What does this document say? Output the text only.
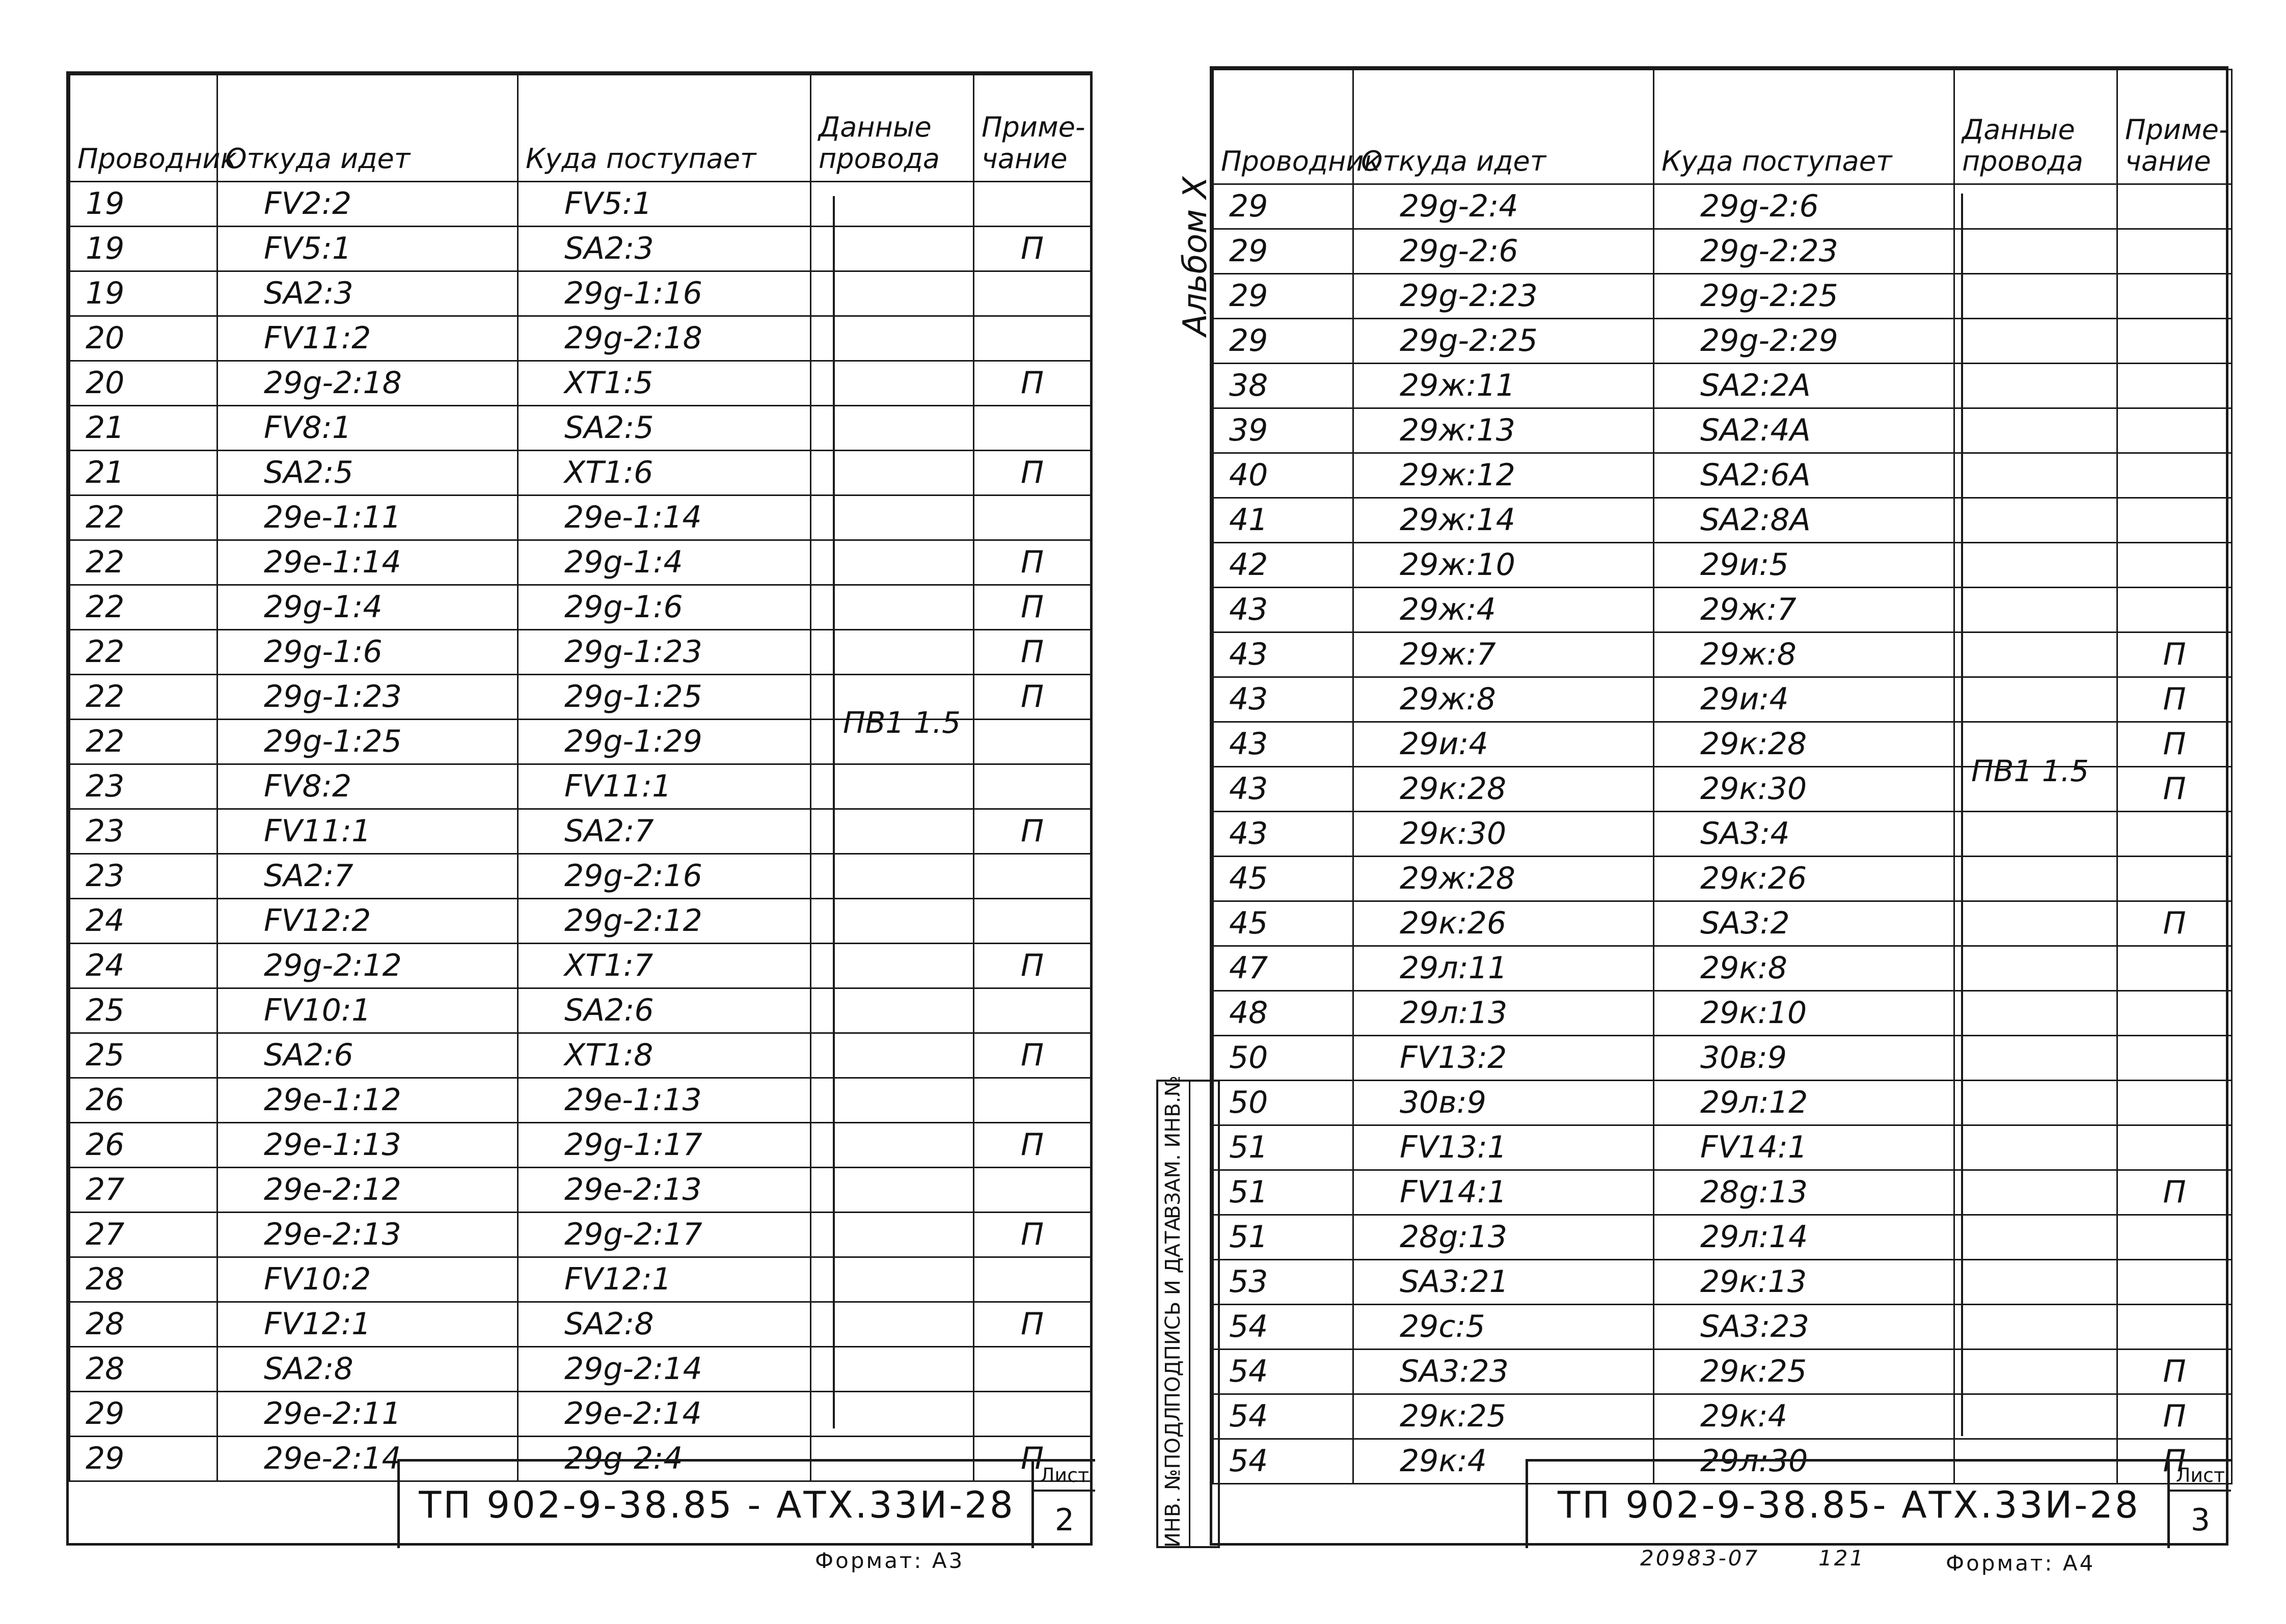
Проводник	Откуда идет	Куда поступает	Данные провода	Приме- чание
19	FV2:2	FV5:1		
19	FV5:1	SA2:3		П
19	SA2:3	29g-1:16		
20	FV11:2	29g-2:18		
20	29g-2:18	XT1:5		П
21	FV8:1	SA2:5		
21	SA2:5	XT1:6		П
22	29e-1:11	29e-1:14		
22	29e-1:14	29g-1:4		П
22	29g-1:4	29g-1:6		П
22	29g-1:6	29g-1:23		П
22	29g-1:23	29g-1:25		П
22	29g-1:25	29g-1:29		
23	FV8:2	FV11:1		
23	FV11:1	SA2:7		П
23	SA2:7	29g-2:16		
24	FV12:2	29g-2:12		
24	29g-2:12	XT1:7		П
25	FV10:1	SA2:6		
25	SA2:6	XT1:8		П
26	29e-1:12	29e-1:13		
26	29e-1:13	29g-1:17		П
27	29e-2:12	29e-2:13		
27	29e-2:13	29g-2:17		П
28	FV10:2	FV12:1		
28	FV12:1	SA2:8		П
28	SA2:8	29g-2:14		
29	29e-2:11	29e-2:14		
29	29e-2:14	29g-2:4		П
ПВ1 1.5
ТП 902-9-38.85 - АТХ.33И-28
Лист
2
Альбом X
ИНВ. №ПОДЛ
ПОДПИСЬ И ДАТА
ВЗАМ. ИНВ.№
Проводник	Откуда идет	Куда поступает	Данные провода	Приме- чание
29	29g-2:4	29g-2:6		
29	29g-2:6	29g-2:23		
29	29g-2:23	29g-2:25		
29	29g-2:25	29g-2:29		
38	29ж:11	SA2:2A		
39	29ж:13	SA2:4A		
40	29ж:12	SA2:6A		
41	29ж:14	SA2:8A		
42	29ж:10	29и:5		
43	29ж:4	29ж:7		
43	29ж:7	29ж:8		П
43	29ж:8	29и:4		П
43	29и:4	29к:28		П
43	29к:28	29к:30		П
43	29к:30	SA3:4		
45	29ж:28	29к:26		
45	29к:26	SA3:2		П
47	29л:11	29к:8		
48	29л:13	29к:10		
50	FV13:2	30в:9		
50	30в:9	29л:12		
51	FV13:1	FV14:1		
51	FV14:1	28g:13		П
51	28g:13	29л:14		
53	SA3:21	29к:13		
54	29с:5	SA3:23		
54	SA3:23	29к:25		П
54	29к:25	29к:4		П
54	29к:4	29л:30		П
ПВ1 1.5
ТП 902-9-38.85- АТХ.33И-28
Лист
3
Формат: А3	20983-07	121	Формат: А4
